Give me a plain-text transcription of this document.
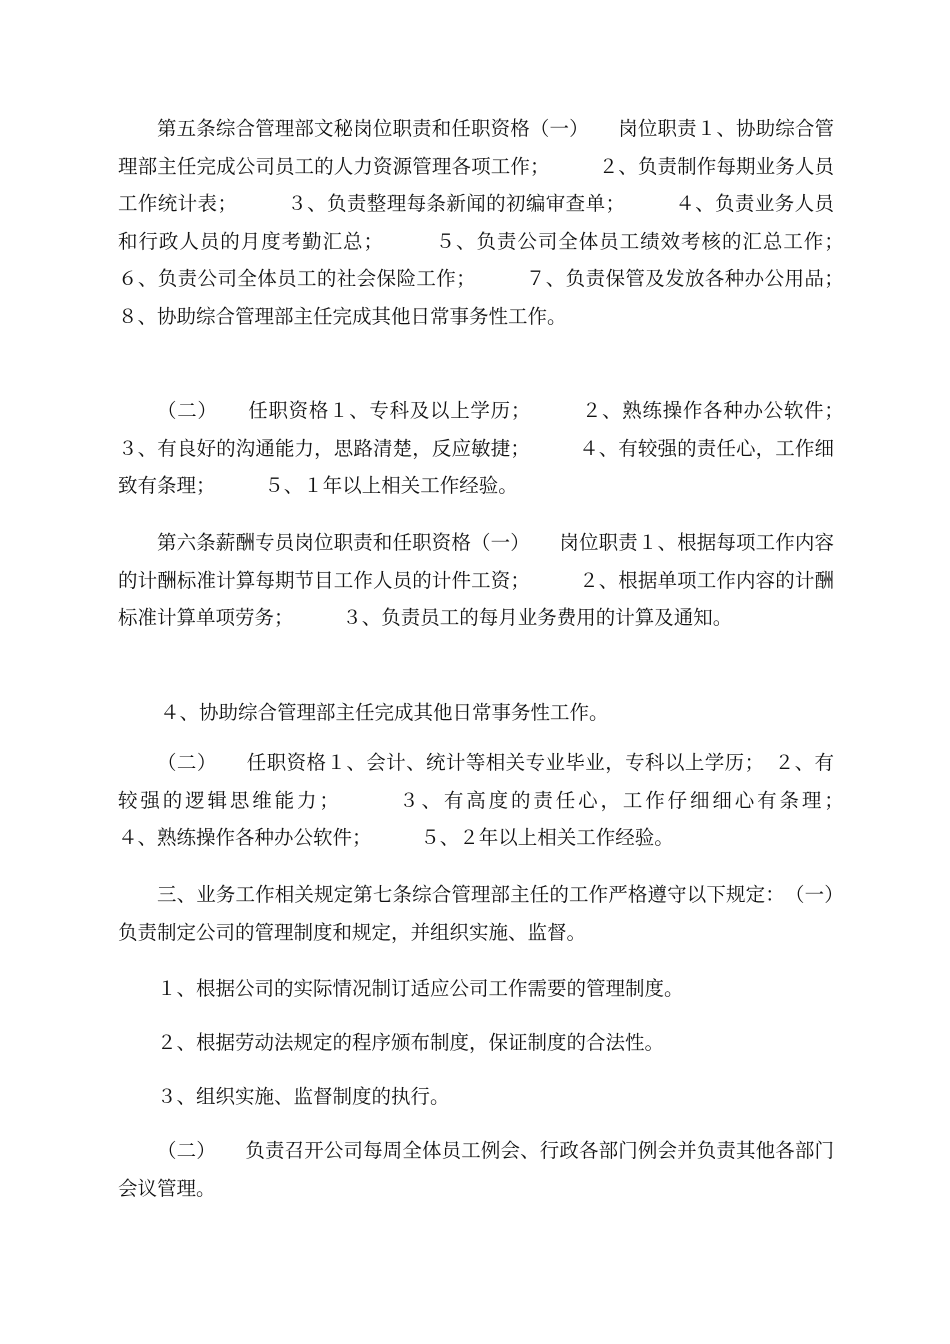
第五条综合管理部文秘岗位职责和任职资格（一）　　岗位职责１、协助综合管理部主任完成公司员工的人力资源管理各项工作；　　　２、负责制作每期业务人员工作统计表；　　　３、负责整理每条新闻的初编审查单；　　　４、负责业务人员和行政人员的月度考勤汇总；　　　５、负责公司全体员工绩效考核的汇总工作；　　　６、负责公司全体员工的社会保险工作；　　　７、负责保管及发放各种办公用品；　　　８、协助综合管理部主任完成其他日常事务性工作。

（二）　　任职资格１、专科及以上学历；　　　２、熟练操作各种办公软件；　　　３、有良好的沟通能力，思路清楚，反应敏捷；　　　４、有较强的责任心，工作细致有条理；　　　５、１年以上相关工作经验。

第六条薪酬专员岗位职责和任职资格（一）　　岗位职责１、根据每项工作内容的计酬标准计算每期节目工作人员的计件工资；　　　２、根据单项工作内容的计酬标准计算单项劳务；　　　３、负责员工的每月业务费用的计算及通知。

４、协助综合管理部主任完成其他日常事务性工作。

（二）　　任职资格１、会计、统计等相关专业毕业，专科以上学历；　２、有较强的逻辑思维能力；　　　３、有高度的责任心，工作仔细细心有条理；　　　４、熟练操作各种办公软件；　　　５、２年以上相关工作经验。

三、业务工作相关规定第七条综合管理部主任的工作严格遵守以下规定：　（一）　　负责制定公司的管理制度和规定，并组织实施、监督。

１、根据公司的实际情况制订适应公司工作需要的管理制度。

２、根据劳动法规定的程序颁布制度，保证制度的合法性。

３、组织实施、监督制度的执行。

（二）　　负责召开公司每周全体员工例会、行政各部门例会并负责其他各部门会议管理。
